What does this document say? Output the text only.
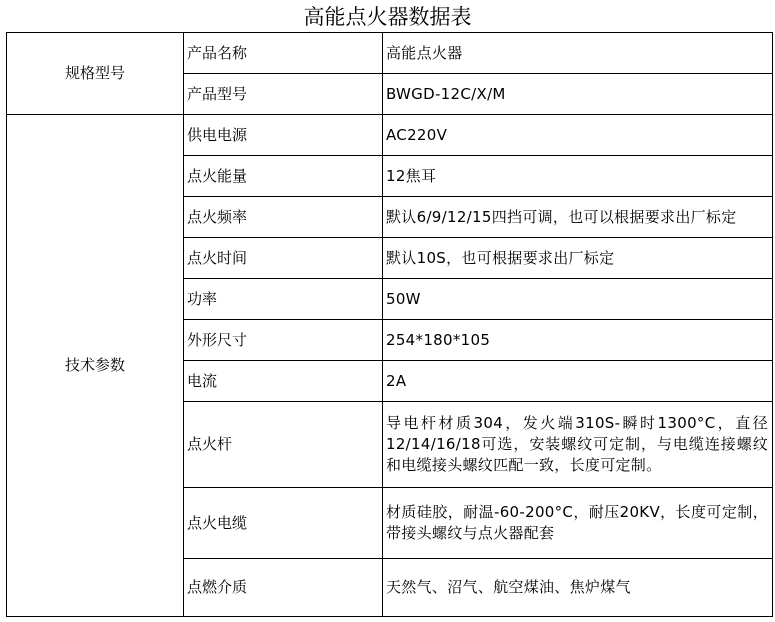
高能点火器数据表
规格型号	产品名称	高能点火器
	产品型号	BWGD-12C/X/M
技术参数	供电电源	AC220V
	点火能量	12焦耳
	点火频率	默认6/9/12/15四挡可调，也可以根据要求出厂标定
	点火时间	默认10S，也可根据要求出厂标定
	功率	50W
	外形尺寸	254*180*105
	电流	2A
	点火杆	导电杆材质304，发火端310S-瞬时1300°C，直径12/14/16/18可选，安装螺纹可定制，与电缆连接螺纹和电缆接头螺纹匹配一致，长度可定制。
	点火电缆	材质硅胶，耐温-60-200°C，耐压20KV，长度可定制，带接头螺纹与点火器配套
	点燃介质	天然气、沼气、航空煤油、焦炉煤气
